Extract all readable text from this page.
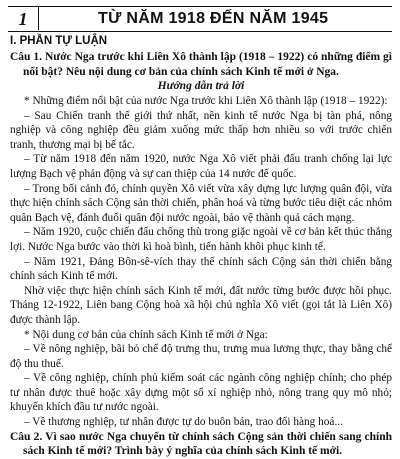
1	TỪ NĂM 1918 ĐẾN NĂM 1945
I. PHẦN TỰ LUẬN

Câu 1. Nước Nga trước khi Liên Xô thành lập (1918 – 1922) có những điểm gì nổi bật? Nêu nội dung cơ bản của chính sách Kinh tế mới ở Nga.

Hướng dẫn trả lời

* Những điểm nổi bật của nước Nga trước khi Liên Xô thành lập (1918 – 1922):

– Sau Chiến tranh thế giới thứ nhất, nền kinh tế nước Nga bị tàn phá, nông nghiệp và công nghiệp đều giảm xuống mức thấp hơn nhiều so với trước chiến tranh, thương mại bị bế tắc.

– Từ năm 1918 đến năm 1920, nước Nga Xô viết phải đấu tranh chống lại lực lượng Bạch vệ phản động và sự can thiệp của 14 nước đế quốc.

– Trong bối cảnh đó, chính quyền Xô viết vừa xây dựng lực lượng quân đội, vừa thực hiện chính sách Cộng sản thời chiến, phân hoá và từng bước tiêu diệt các nhóm quân Bạch vệ, đánh đuổi quân đội nước ngoài, bảo vệ thành quả cách mạng.

– Năm 1920, cuộc chiến đấu chống thù trong giặc ngoài về cơ bản kết thúc thắng lợi. Nước Nga bước vào thời kì hoà bình, tiến hành khôi phục kinh tế.

– Năm 1921, Đảng Bôn-sê-vích thay thế chính sách Cộng sản thời chiến bằng chính sách Kinh tế mới.

Nhờ việc thực hiện chính sách Kinh tế mới, đất nước từng bước được hồi phục. Tháng 12-1922, Liên bang Cộng hoà xã hội chủ nghĩa Xô viết (gọi tắt là Liên Xô) được thành lập.

* Nội dung cơ bản của chính sách Kinh tế mới ở Nga:

– Về nông nghiệp, bãi bỏ chế độ trưng thu, trưng mua lương thực, thay bằng chế độ thu thuế.

– Về công nghiệp, chính phủ kiểm soát các ngành công nghiệp chính; cho phép tư nhân được thuê hoặc xây dựng một số xí nghiệp nhỏ, nông trang quy mô nhỏ; khuyến khích đầu tư nước ngoài.

– Về thương nghiệp, tư nhân được tự do buôn bán, trao đổi hàng hoá...

Câu 2. Vì sao nước Nga chuyển từ chính sách Cộng sản thời chiến sang chính sách Kinh tế mới? Trình bày ý nghĩa của chính sách Kinh tế mới.
